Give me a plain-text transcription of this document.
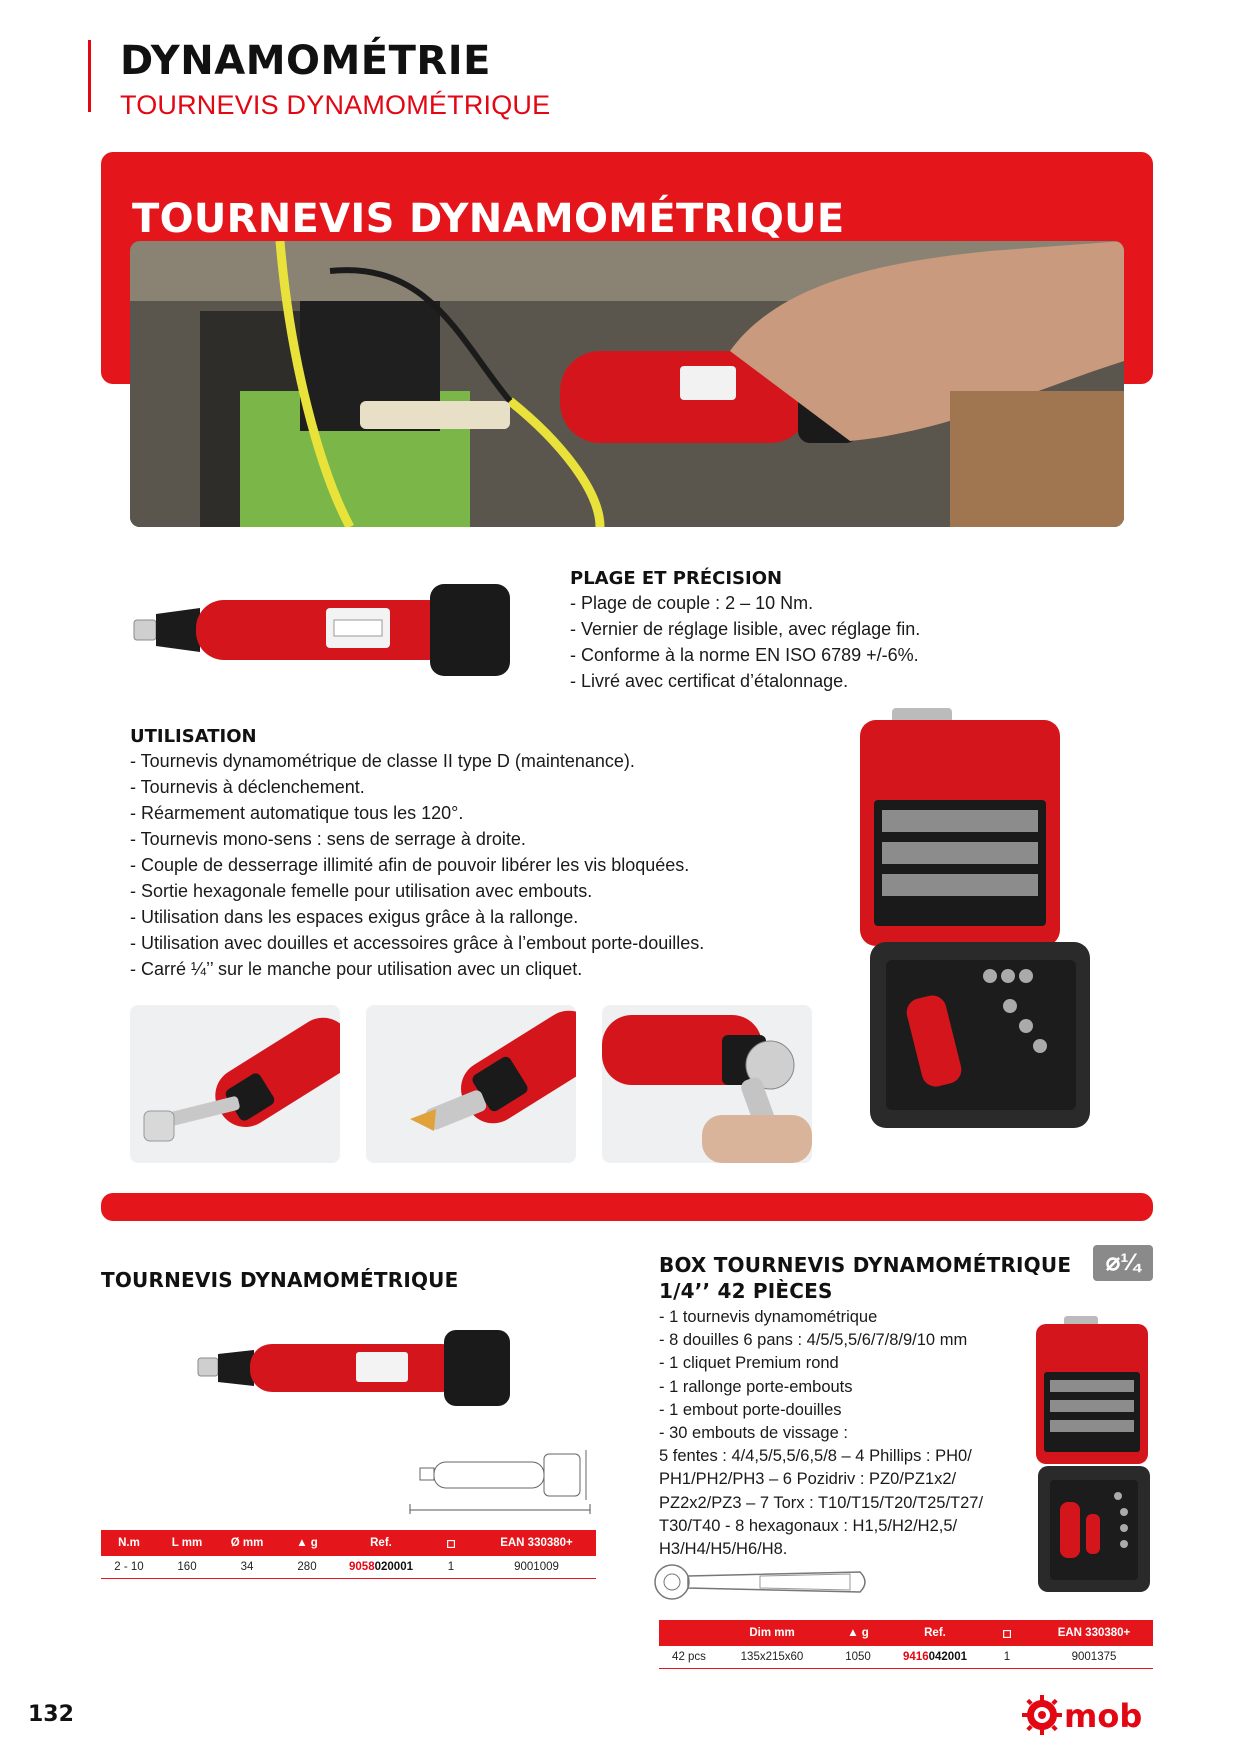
DYNAMOMÉTRIE
TOURNEVIS DYNAMOMÉTRIQUE
TOURNEVIS DYNAMOMÉTRIQUE
PLAGE ET PRÉCISION
- Plage de couple : 2 – 10 Nm.
- Vernier de réglage lisible, avec réglage fin.
- Conforme à la norme EN ISO 6789 +/-6%.
- Livré avec certificat d’étalonnage.
UTILISATION
- Tournevis dynamométrique de classe II type D (maintenance).
- Tournevis à déclenchement.
- Réarmement automatique tous les 120°.
- Tournevis mono-sens : sens de serrage à droite.
- Couple de desserrage illimité afin de pouvoir libérer les vis bloquées.
- Sortie hexagonale femelle pour utilisation avec embouts.
- Utilisation dans les espaces exigus grâce à la rallonge.
- Utilisation avec douilles et accessoires grâce à l’embout porte-douilles.
- Carré ¼’’ sur le manche pour utilisation avec un cliquet.
TOURNEVIS DYNAMOMÉTRIQUE
N.m	L mm	Ø mm	▲ g	Ref.	◻	EAN 330380+
2 - 10	160	34	280	9058020001	1	9001009
BOX TOURNEVIS DYNAMOMÉTRIQUE
1/4’’ 42 PIÈCES
⌀¼
- 1 tournevis dynamométrique
- 8 douilles 6 pans : 4/5/5,5/6/7/8/9/10 mm
- 1 cliquet Premium rond
- 1 rallonge porte-embouts
- 1 embout porte-douilles
- 30 embouts de vissage :
5 fentes : 4/4,5/5,5/6,5/8 – 4 Phillips : PH0/
PH1/PH2/PH3 – 6 Pozidriv : PZ0/PZ1x2/
PZ2x2/PZ3 – 7 Torx : T10/T15/T20/T25/T27/
T30/T40 - 8 hexagonaux : H1,5/H2/H2,5/
H3/H4/H5/H6/H8.
	Dim mm	▲ g	Ref.	◻	EAN 330380+
42 pcs	135x215x60	1050	9416042001	1	9001375
132	mob
